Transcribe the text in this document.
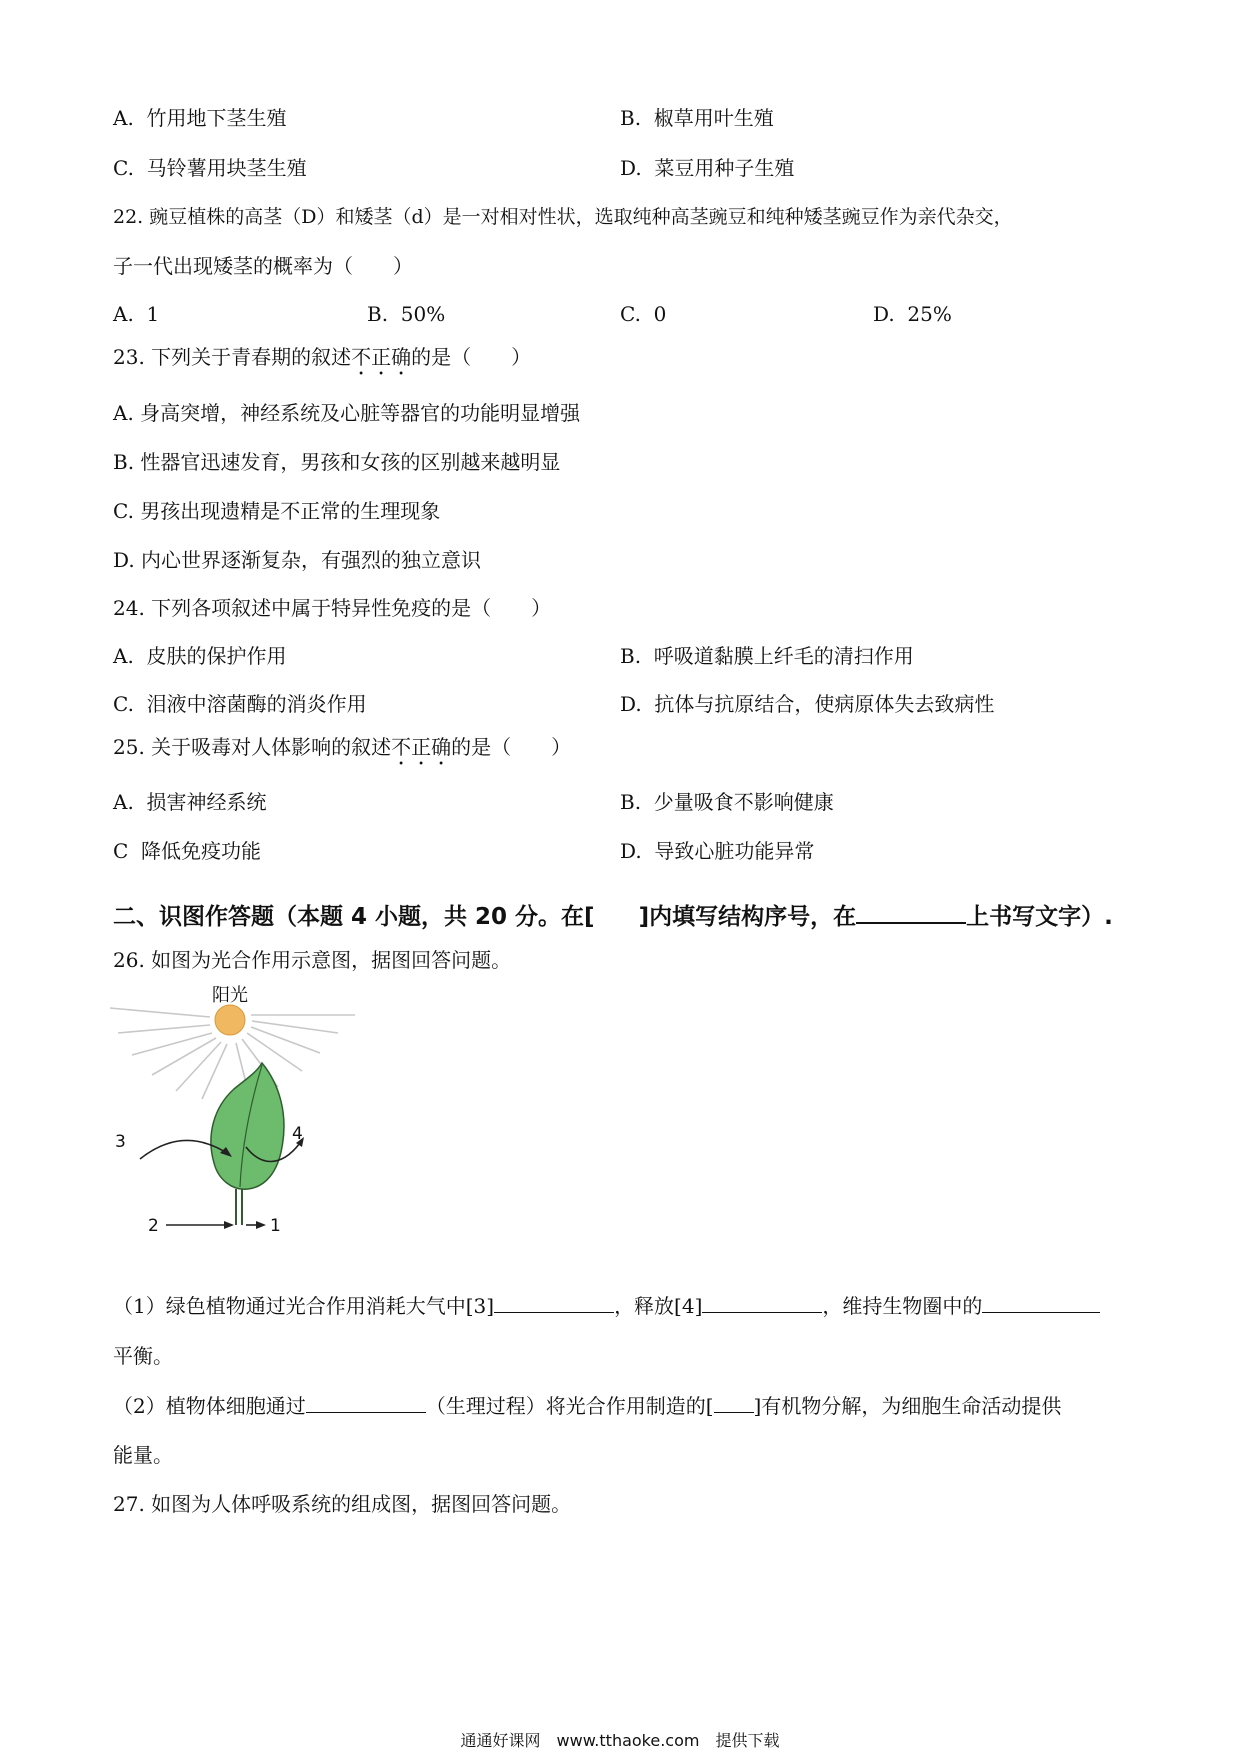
A. 竹用地下茎生殖	B. 椒草用叶生殖
C. 马铃薯用块茎生殖	D. 菜豆用种子生殖
22. 豌豆植株的高茎（D）和矮茎（d）是一对相对性状，选取纯种高茎豌豆和纯种矮茎豌豆作为亲代杂交，
子一代出现矮茎的概率为（　　）
A. 1	B. 50%	C. 0	D. 25%
23. 下列关于青春期的叙述不正确的是（　　）
A. 身高突增，神经系统及心脏等器官的功能明显增强
B. 性器官迅速发育，男孩和女孩的区别越来越明显
C. 男孩出现遗精是不正常的生理现象
D. 内心世界逐渐复杂，有强烈的独立意识
24. 下列各项叙述中属于特异性免疫的是（　　）
A. 皮肤的保护作用	B. 呼吸道黏膜上纤毛的清扫作用
C. 泪液中溶菌酶的消炎作用	D. 抗体与抗原结合，使病原体失去致病性
25. 关于吸毒对人体影响的叙述不正确的是（　　）
A. 损害神经系统	B. 少量吸食不影响健康
C 降低免疫功能	D. 导致心脏功能异常
二、识图作答题（本题 4 小题，共 20 分。在[ ]内填写结构序号，在	上书写文字）.
26. 如图为光合作用示意图，据图回答问题。
阳光
3	4
2	1
（1）绿色植物通过光合作用消耗大气中[3]	，释放[4]	，维持生物圈中的
平衡。
（2）植物体细胞通过	（生理过程）将光合作用制造的[ ]有机物分解，为细胞生命活动提供
能量。
27. 如图为人体呼吸系统的组成图，据图回答问题。
通通好课网　www.tthaoke.com　提供下载
